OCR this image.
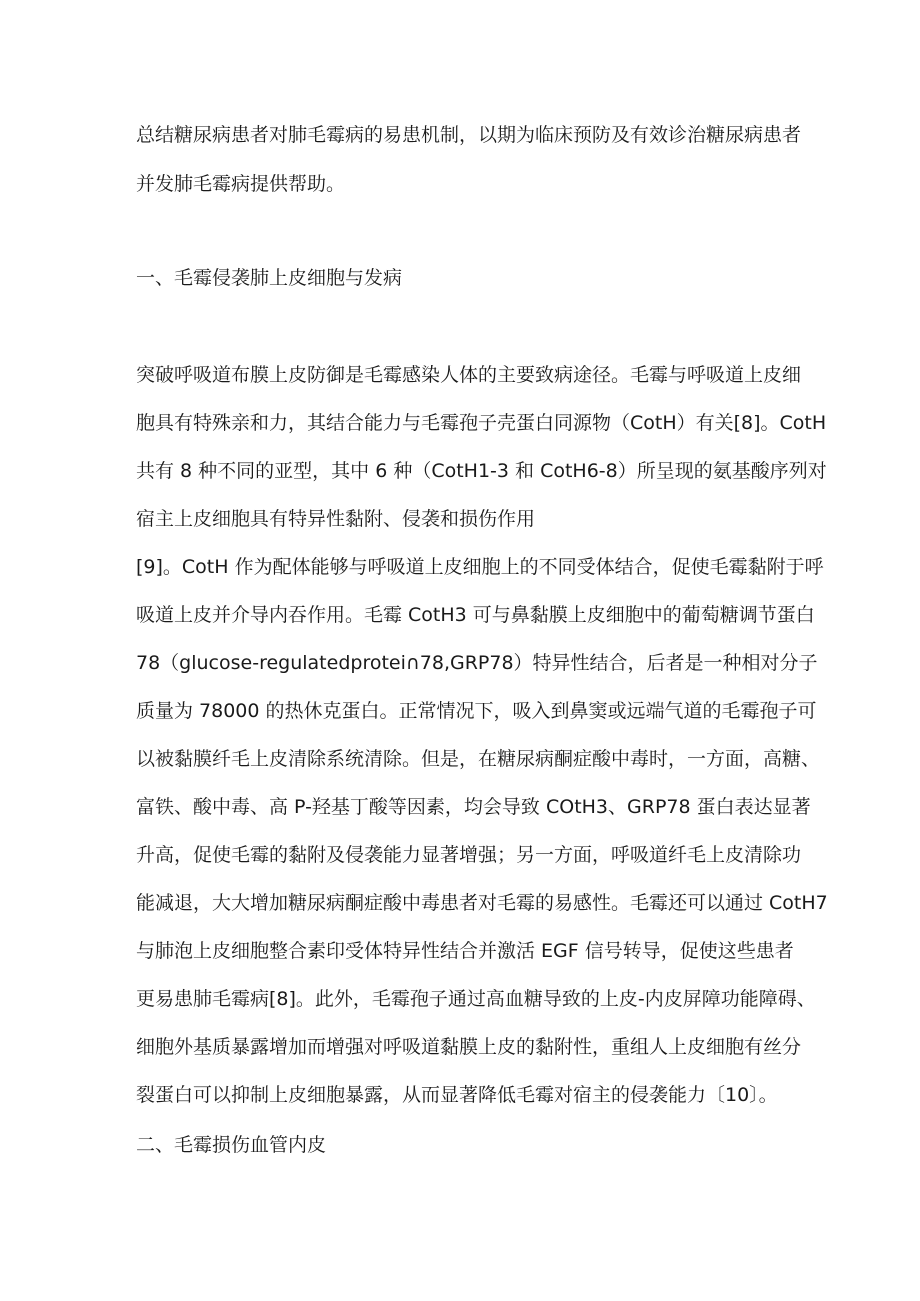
总结糖尿病患者对肺毛霉病的易患机制，以期为临床预防及有效诊治糖尿病患者

并发肺毛霉病提供帮助。

一、毛霉侵袭肺上皮细胞与发病

突破呼吸道布膜上皮防御是毛霉感染人体的主要致病途径。毛霉与呼吸道上皮细

胞具有特殊亲和力，其结合能力与毛霉孢子壳蛋白同源物（CotH）有关[8]。CotH

共有 8 种不同的亚型，其中 6 种（CotH1-3 和 CotH6-8）所呈现的氨基酸序列对

宿主上皮细胞具有特异性黏附、侵袭和损伤作用

[9]。CotH 作为配体能够与呼吸道上皮细胞上的不同受体结合，促使毛霉黏附于呼

吸道上皮并介导内吞作用。毛霉 CotH3 可与鼻黏膜上皮细胞中的葡萄糖调节蛋白

78（glucose-regulatedprotei∩78,GRP78）特异性结合，后者是一种相对分子

质量为 78000 的热休克蛋白。正常情况下，吸入到鼻窦或远端气道的毛霉孢子可

以被黏膜纤毛上皮清除系统清除。但是，在糖尿病酮症酸中毒时，一方面，高糖、

富铁、酸中毒、高 P-羟基丁酸等因素，均会导致 COtH3、GRP78 蛋白表达显著

升高，促使毛霉的黏附及侵袭能力显著增强；另一方面，呼吸道纤毛上皮清除功

能减退，大大增加糖尿病酮症酸中毒患者对毛霉的易感性。毛霉还可以通过 CotH7

与肺泡上皮细胞整合素印受体特异性结合并激活 EGF 信号转导，促使这些患者

更易患肺毛霉病[8]。此外，毛霉孢子通过高血糖导致的上皮-内皮屏障功能障碍、

细胞外基质暴露增加而增强对呼吸道黏膜上皮的黏附性，重组人上皮细胞有丝分

裂蛋白可以抑制上皮细胞暴露，从而显著降低毛霉对宿主的侵袭能力〔10〕。

二、毛霉损伤血管内皮
